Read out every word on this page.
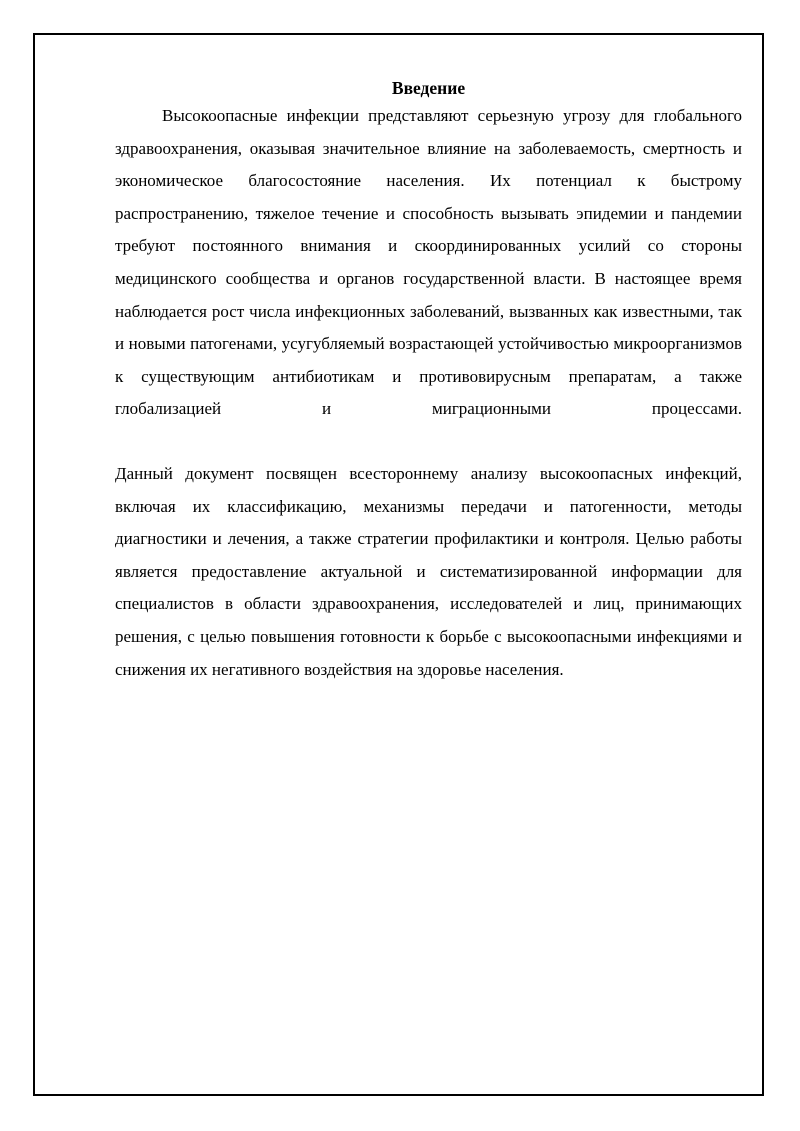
Введение

Высокоопасные инфекции представляют серьезную угрозу для глобального здравоохранения, оказывая значительное влияние на заболеваемость, смертность и экономическое благосостояние населения. Их потенциал к быстрому распространению, тяжелое течение и способность вызывать эпидемии и пандемии требуют постоянного внимания и скоординированных усилий со стороны медицинского сообщества и органов государственной власти. В настоящее время наблюдается рост числа инфекционных заболеваний, вызванных как известными, так и новыми патогенами, усугубляемый возрастающей устойчивостью микроорганизмов к существующим антибиотикам и противовирусным препаратам, а также глобализацией и миграционными процессами.

Данный документ посвящен всестороннему анализу высокоопасных инфекций, включая их классификацию, механизмы передачи и патогенности, методы диагностики и лечения, а также стратегии профилактики и контроля. Целью работы является предоставление актуальной и систематизированной информации для специалистов в области здравоохранения, исследователей и лиц, принимающих решения, с целью повышения готовности к борьбе с высокоопасными инфекциями и снижения их негативного воздействия на здоровье населения.
